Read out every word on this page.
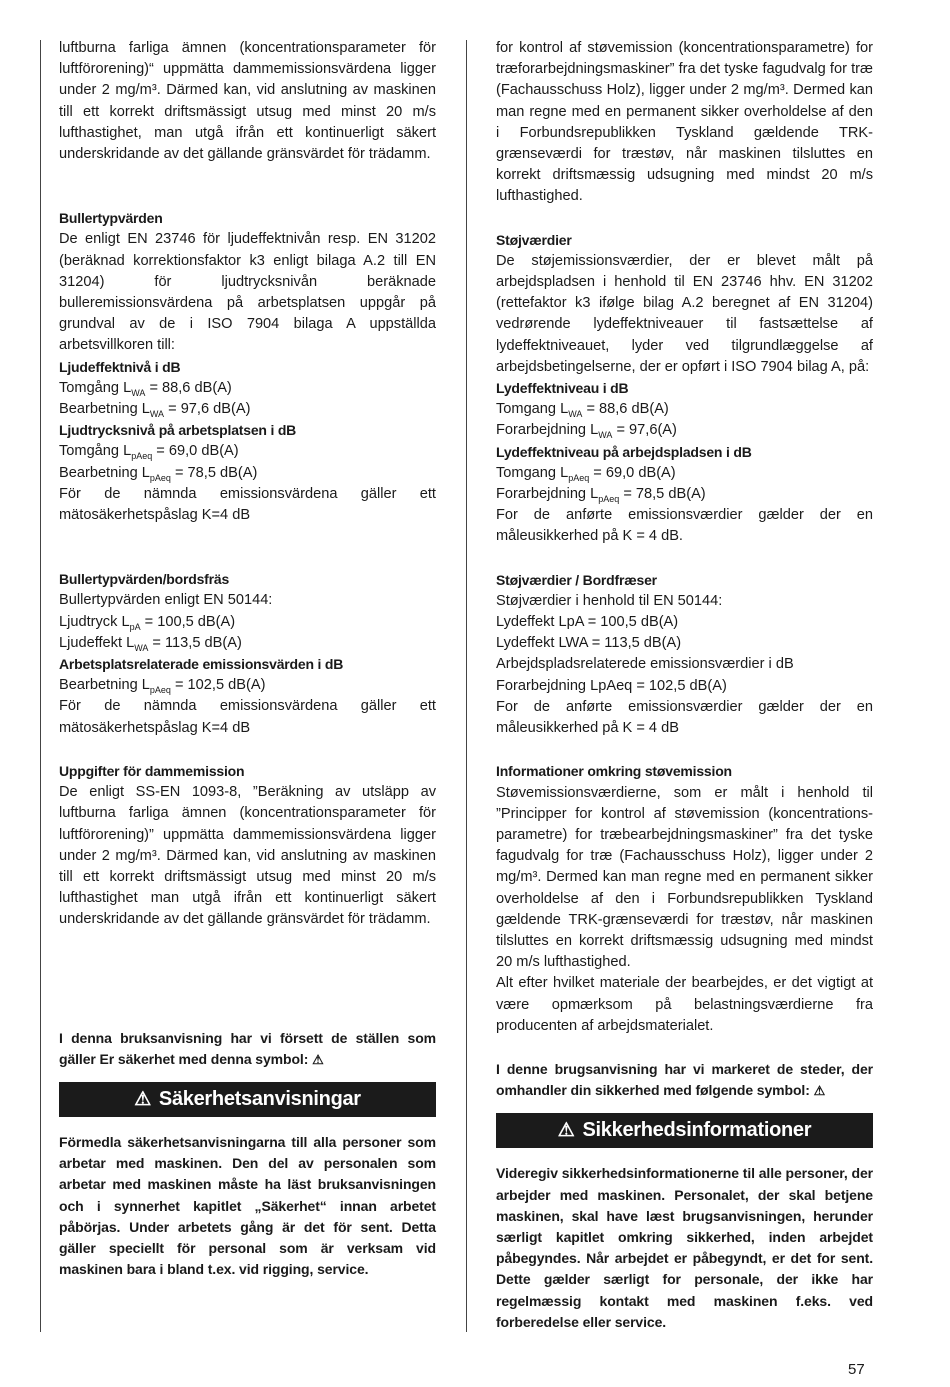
luftburna farliga ämnen (koncentrationsparameter för luftförorening)“ uppmätta dammemissionsvärdena ligger under 2 mg/m³. Därmed kan, vid anslutning av maskinen till ett korrekt driftsmässigt utsug med minst 20 m/s lufthastighet, man utgå ifrån ett kontinuerligt säkert underskridande av det gällande gränsvärdet för trädamm.

Bullertypvärden

De enligt EN 23746 för ljudeffektnivån resp. EN 31202 (beräknad korrektionsfaktor k3 enligt bilaga A.2 till EN 31204) för ljudtrycksnivån beräknade bulleremissionsvärdena på arbetsplatsen uppgår på grundval av de i ISO 7904 bilaga A uppställda arbetsvillkoren till:

Ljudeffektnivå i dB

Tomgång $L_{WA} = 88,6$ dB(A)

Bearbetning $L_{WA} = 97,6$ dB(A)

Ljudtrycksnivå på arbetsplatsen i dB

Tomgång $L_{pAeq} = 69,0$ dB(A)

Bearbetning $L_{pAeq} = 78,5$ dB(A)

För de nämnda emissionsvärdena gäller ett mätosäkerhetspåslag K=4 dB

Bullertypvärden/bordsfräs

Bullertypvärden enligt EN 50144:

Ljudtryck $L_{pA} = 100,5$ dB(A)

Ljudeffekt $L_{WA} = 113,5$ dB(A)

Arbetsplatsrelaterade emissionsvärden i dB

Bearbetning $L_{pAeq} = 102,5$ dB(A)

För de nämnda emissionsvärdena gäller ett mätosäkerhetspåslag K=4 dB

Uppgifter för dammemission

De enligt SS-EN 1093-8, ”Beräkning av utsläpp av luftburna farliga ämnen (koncentrationsparameter för luftförorening)” uppmätta dammemissionsvärdena ligger under 2 mg/m³. Därmed kan, vid anslutning av maskinen till ett korrekt driftsmässigt utsug med minst 20 m/s lufthastighet man utgå ifrån ett kontinuerligt säkert underskridande av det gällande gränsvärdet för trädamm.

I denna bruksanvisning har vi försett de ställen som gäller Er säkerhet med denna symbol: ⚠

⚠ Säkerhetsanvisningar

Förmedla säkerhetsanvisningarna till alla personer som arbetar med maskinen. Den del av personalen som arbetar med maskinen måste ha läst bruksanvisningen och i synnerhet kapitlet „Säkerhet“ innan arbetet påbörjas. Under arbetets gång är det för sent. Detta gäller speciellt för personal som är verksam vid maskinen bara i bland t.ex. vid rigging, service.

for kontrol af støvemission (koncentrationsparametre) for træforarbejdningsmaskiner” fra det tyske fagudvalg for træ (Fachausschuss Holz), ligger under 2 mg/m³. Dermed kan man regne med en permanent sikker overholdelse af den i Forbundsrepublikken Tyskland gældende TRK-grænseværdi for træstøv, når maskinen tilsluttes en korrekt driftsmæssig udsugning med mindst 20 m/s lufthastighed.

Støjværdier

De støjemissionsværdier, der er blevet målt på arbejdspladsen i henhold til EN 23746 hhv. EN 31202 (rettefaktor k3 ifølge bilag A.2 beregnet af EN 31204) vedrørende lydeffektniveauer til fastsættelse af lydeffektniveauet, lyder ved tilgrundlæggelse af arbejdsbetingelserne, der er opført i ISO 7904 bilag A, på:

Lydeffektniveau i dB

Tomgang $L_{WA} = 88,6$ dB(A)

Forarbejdning $L_{WA} = 97,6(A)$

Lydeffektniveau på arbejdspladsen i dB

Tomgang $L_{pAeq} = 69,0$ dB(A)

Forarbejdning $L_{pAeq} = 78,5$ dB(A)

For de anførte emissionsværdier gælder der en måleusikkerhed på K = 4 dB.

Støjværdier / Bordfræser

Støjværdier i henhold til EN 50144:

Lydeffekt LpA = 100,5 dB(A)

Lydeffekt LWA = 113,5 dB(A)

Arbejdspladsrelaterede emissionsværdier i dB

Forarbejdning LpAeq = 102,5 dB(A)

For de anførte emissionsværdier gælder der en måleusikkerhed på K = 4 dB

Informationer omkring støvemission

Støvemissionsværdierne, som er målt i henhold til ”Principper for kontrol af støvemission (koncentrations-parametre) for træbearbejdningsmaskiner” fra det tyske fagudvalg for træ (Fachausschuss Holz), ligger under 2 mg/m³. Dermed kan man regne med en permanent sikker overholdelse af den i Forbundsrepublikken Tyskland gældende TRK-grænseværdi for træstøv, når maskinen tilsluttes en korrekt driftsmæssig udsugning med mindst 20 m/s lufthastighed.

Alt efter hvilket materiale der bearbejdes, er det vigtigt at være opmærksom på belastningsværdierne fra producenten af arbejdsmaterialet.

I denne brugsanvisning har vi markeret de steder, der omhandler din sikkerhed med følgende symbol: ⚠

⚠ Sikkerhedsinformationer

Videregiv sikkerhedsinformationerne til alle personer, der arbejder med maskinen. Personalet, der skal betjene maskinen, skal have læst brugsanvisningen, herunder særligt kapitlet omkring sikkerhed, inden arbejdet påbegyndes. Når arbejdet er påbegyndt, er det for sent. Dette gælder særligt for personale, der ikke har regelmæssig kontakt med maskinen f.eks. ved forberedelse eller service.

57
